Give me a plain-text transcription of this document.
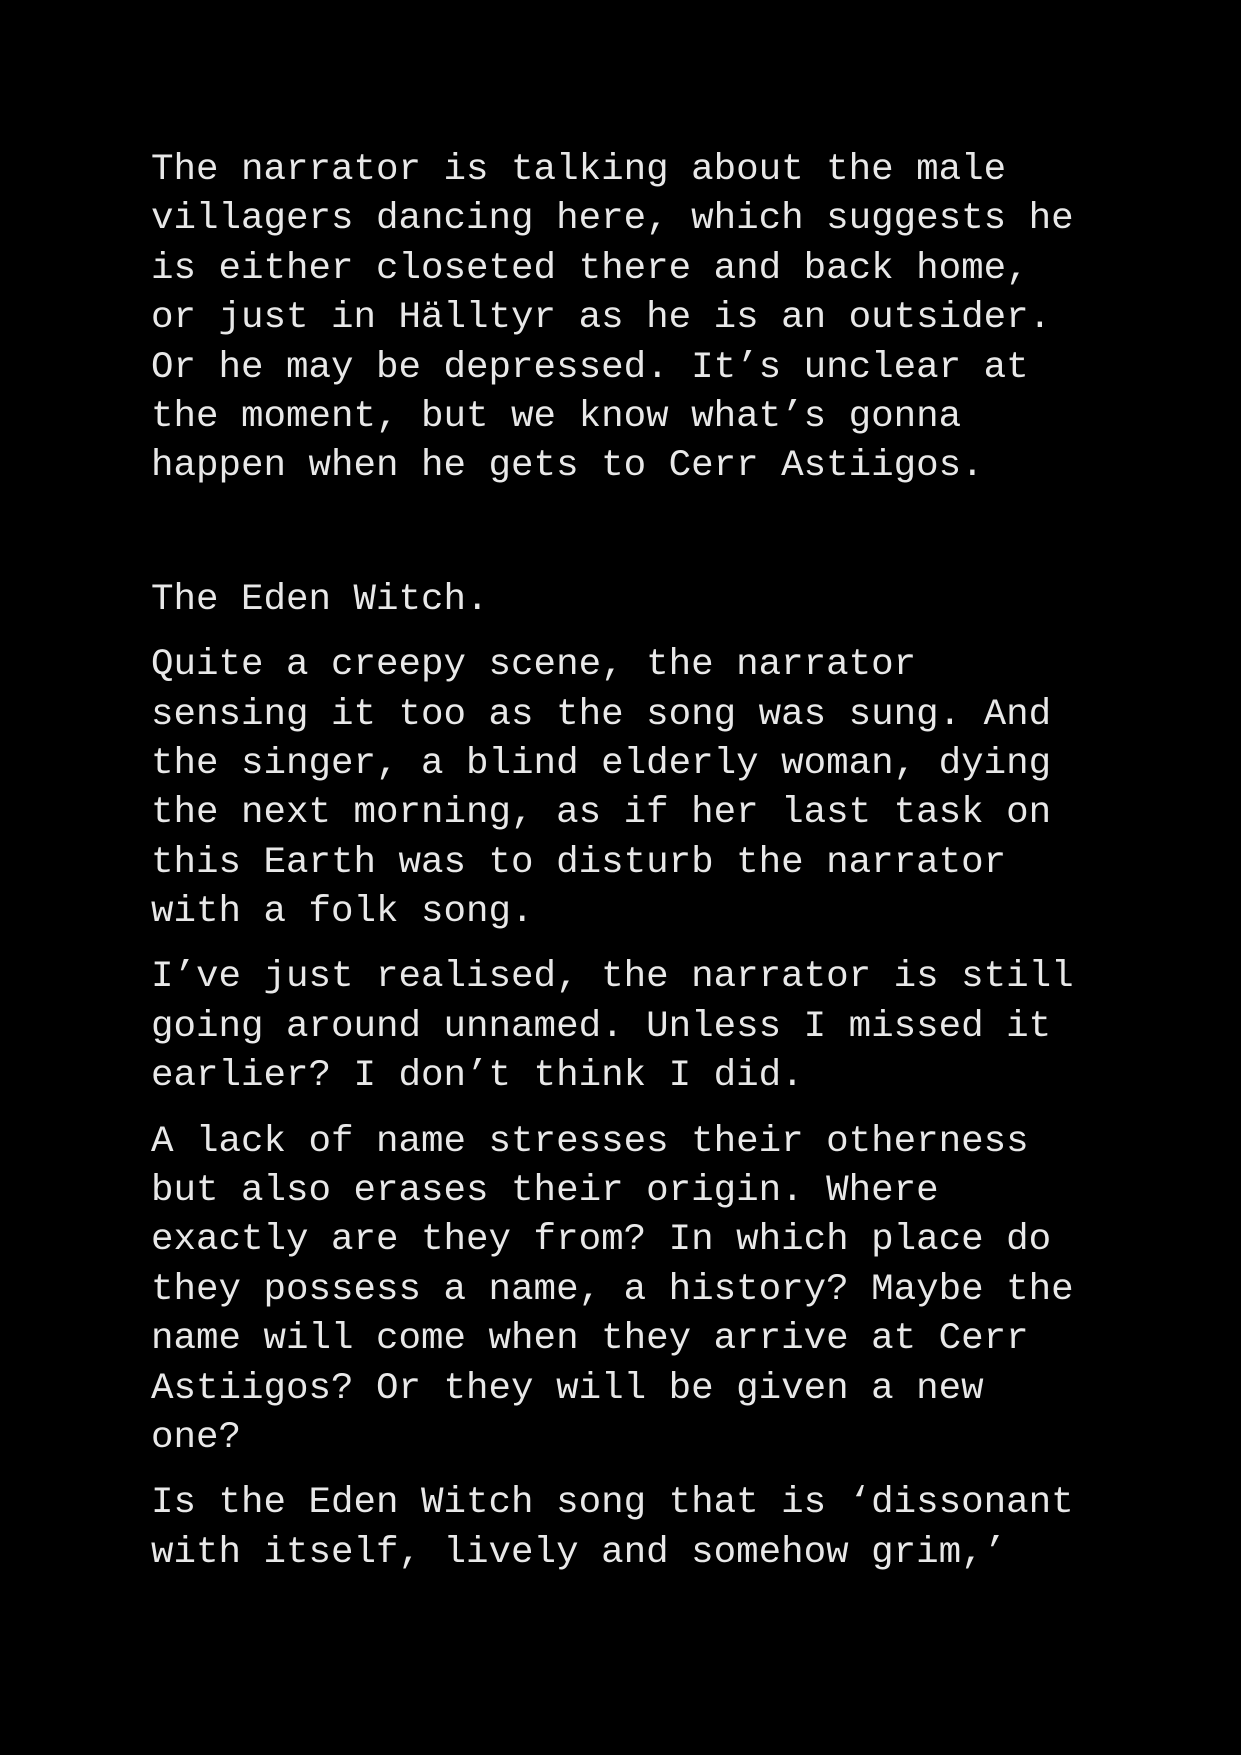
The narrator is talking about the male
villagers dancing here, which suggests he
is either closeted there and back home,
or just in Hälltyr as he is an outsider.
Or he may be depressed. It’s unclear at
the moment, but we know what’s gonna
happen when he gets to Cerr Astiigos.
The Eden Witch.
Quite a creepy scene, the narrator
sensing it too as the song was sung. And
the singer, a blind elderly woman, dying
the next morning, as if her last task on
this Earth was to disturb the narrator
with a folk song.
I’ve just realised, the narrator is still
going around unnamed. Unless I missed it
earlier? I don’t think I did.
A lack of name stresses their otherness
but also erases their origin. Where
exactly are they from? In which place do
they possess a name, a history? Maybe the
name will come when they arrive at Cerr
Astiigos? Or they will be given a new
one?
Is the Eden Witch song that is ‘dissonant
with itself, lively and somehow grim,’
